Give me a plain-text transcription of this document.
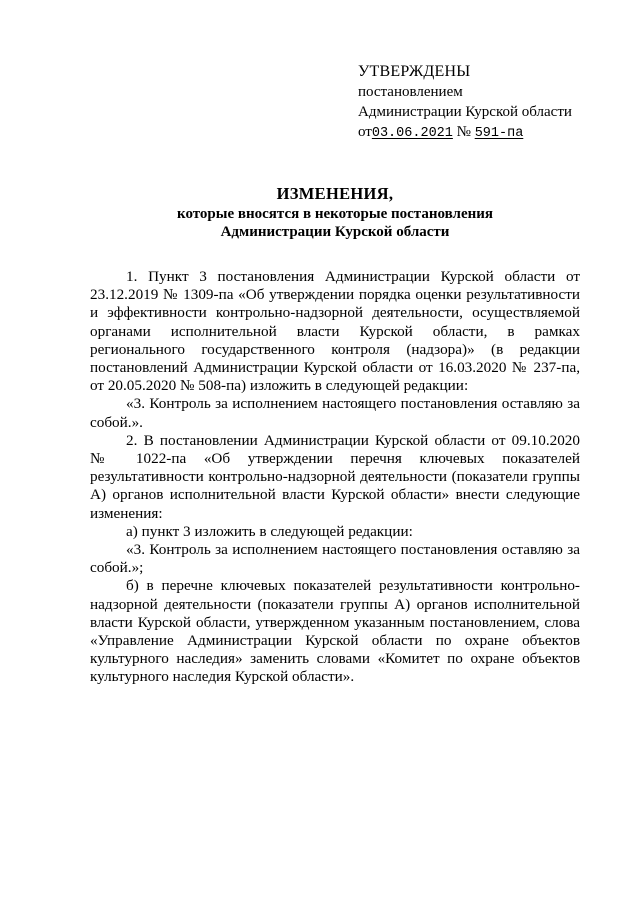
УТВЕРЖДЕНЫ
постановлением
Администрации Курской области
от03.06.2021 № 591-па
ИЗМЕНЕНИЯ,
которые вносятся в некоторые постановления
Администрации Курской области

1. Пункт 3 постановления Администрации Курской области от 23.12.2019 № 1309-па «Об утверждении порядка оценки результативности и эффективности контрольно-надзорной деятельности, осуществляемой органами исполнительной власти Курской области, в рамках регионального государственного контроля (надзора)» (в редакции постановлений Администрации Курской области от 16.03.2020 № 237-па, от 20.05.2020 № 508-па) изложить в следующей редакции:

«3. Контроль за исполнением настоящего постановления оставляю за собой.».

2. В постановлении Администрации Курской области от 09.10.2020 № 1022-па «Об утверждении перечня ключевых показателей результативности контрольно-надзорной деятельности (показатели группы А) органов исполнительной власти Курской области» внести следующие изменения:

а) пункт 3 изложить в следующей редакции:

«3. Контроль за исполнением настоящего постановления оставляю за собой.»;

б) в перечне ключевых показателей результативности контрольно-надзорной деятельности (показатели группы А) органов исполнительной власти Курской области, утвержденном указанным постановлением, слова «Управление Администрации Курской области по охране объектов культурного наследия» заменить словами «Комитет по охране объектов культурного наследия Курской области».
